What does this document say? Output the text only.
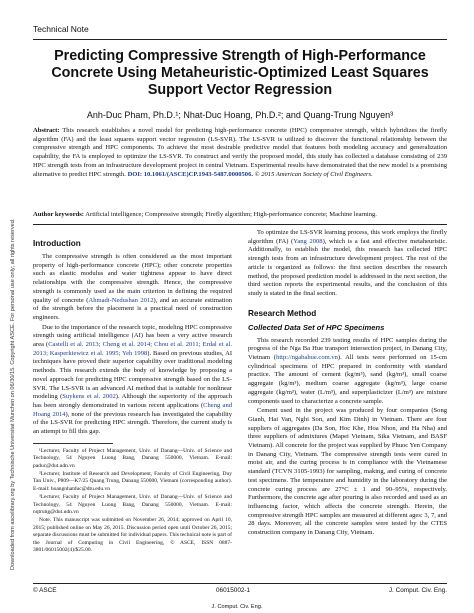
Downloaded from ascelibrary.org by Technische Universitat Munchen on 06/30/15. Copyright ASCE. For personal use only; all rights reserved.
Technical Note
Predicting Compressive Strength of High-Performance Concrete Using Metaheuristic-Optimized Least Squares Support Vector Regression
Anh-Duc Pham, Ph.D.¹; Nhat-Duc Hoang, Ph.D.²; and Quang-Trung Nguyen³

Abstract: This research establishes a novel model for predicting high-performance concrete (HPC) compressive strength, which hybridizes the firefly algorithm (FA) and the least squares support vector regression (LS-SVR). The LS-SVR is utilized to discover the functional relationship between the compressive strength and HPC components. To achieve the most desirable predictive model that features both modeling accuracy and generalization capability, the FA is employed to optimize the LS-SVR. To construct and verify the proposed model, this study has collected a database consisting of 239 HPC strength tests from an infrastructure development project in central Vietnam. Experimental results have demonstrated that the new model is a promising alternative to predict HPC strength. DOI: 10.1061/(ASCE)CP.1943-5487.0000506. © 2015 American Society of Civil Engineers.

Author keywords: Artificial intelligence; Compressive strength; Firefly algorithm; High-performance concrete; Machine learning.

Introduction

The compressive strength is often considered as the most important property of high-performance concrete (HPC); other concrete properties such as elastic modulus and water tightness appear to have direct relationships with the compressive strength. Hence, the compressive strength is commonly used as the main criterion in defining the required quality of concrete (Ahmadi-Nedushan 2012), and an accurate estimation of the strength before the placement is a practical need of construction engineers.

Due to the importance of the research topic, modeling HPC compressive strength using artificial intelligence (AI) has been a very active research area (Castelli et al. 2013; Cheng et al. 2014; Chou et al. 2011; Erdal et al. 2013; Kasperkiewicz et al. 1995; Yeh 1998). Based on previous studies, AI techniques have proved their superior capability over traditional modeling methods. This research extends the body of knowledge by proposing a novel approach for predicting HPC compressive strength based on the LS-SVR. The LS-SVR is an advanced AI method that is suitable for nonlinear modeling (Suykens et al. 2002). Although the superiority of the approach has been strongly demonstrated in various recent applications (Cheng and Hoang 2014), none of the previous research has investigated the capability of the LS-SVR for predicting HPC strength. Therefore, the current study is an attempt to fill this gap.

¹Lecturer, Faculty of Project Management, Univ. of Danang—Univ. of Science and Technology, 54 Nguyen Luong Bang, Danang 550000, Vietnam. E-mail: paduc@dut.udn.vn

²Lecturer, Institute of Research and Development, Faculty of Civil Engineering, Duy Tan Univ., P809—K7/25 Quang Trung, Danang 550000, Vietnam (corresponding author). E-mail: hoangnhatduc@dtu.edu.vn

³Lecturer, Faculty of Project Management, Univ. of Danang—Univ. of Science and Technology, 54 Nguyen Luong Bang, Danang 550000, Vietnam. E-mail: nqtrung@dut.udn.vn

Note. This manuscript was submitted on November 26, 2014; approved on April 10, 2015; published online on May 26, 2015. Discussion period open until October 26, 2015; separate discussions must be submitted for individual papers. This technical note is part of the Journal of Computing in Civil Engineering, © ASCE, ISSN 0887-3801/06015002(4)/$25.00.

To optimize the LS-SVR learning process, this work employs the firefly algorithm (FA) (Yang 2008), which is a fast and effective metaheuristic. Additionally, to establish the model, this research has collected HPC strength tests from an infrastructure development project. The rest of the article is organized as follows: the first section describes the research method, the proposed prediction model is addressed in the next section, the third section reports the experimental results, and the conclusion of this study is stated in the final section.

Research Method
Collected Data Set of HPC Specimens

This research recorded 239 testing results of HPC samples during the progress of the Nga Ba Hue transport intersection project, in Danang City, Vietnam (http://ngabahue.com.vn). All tests were performed on 15-cm cylindrical specimens of HPC prepared in conformity with standard practice. The amount of cement (kg/m³), sand (kg/m³), small coarse aggregate (kg/m³), medium coarse aggregate (kg/m³), large coarse aggregate (kg/m³), water (L/m³), and superplasticizer (L/m³) are mixture components used to characterize a concrete sample.

Cement used in the project was produced by four companies (Song Gianh, Hai Van, Nghi Son, and Kim Dinh) in Vietnam. There are four suppliers of aggregates (Da Son, Hoc Khe, Hoa Nhon, and Ha Nha) and three suppliers of admixtures (Mapei Vietnam, Sika Vietnam, and BASF Vietnam). All concrete for the project was supplied by Phuoc Yen Company in Danang City, Vietnam. The compressive strength tests were cured in moist air, and the curing process is in compliance with the Vietnamese standard (TCVN 3105-1993) for sampling, making, and curing of concrete test specimens. The temperature and humidity in the laboratory during the concrete curing process are 27°C ± 1 and 90–95%, respectively. Furthermore, the concrete age after pouring is also recorded and used as an influencing factor, which affects the concrete strength. Herein, the compressive strength HPC samples are measured at different ages: 3, 7, and 28 days. Moreover, all the concrete samples were tested by the CTES construction company in Danang City, Vietnam.

© ASCE	06015002-1	J. Comput. Civ. Eng.
J. Comput. Civ. Eng.
